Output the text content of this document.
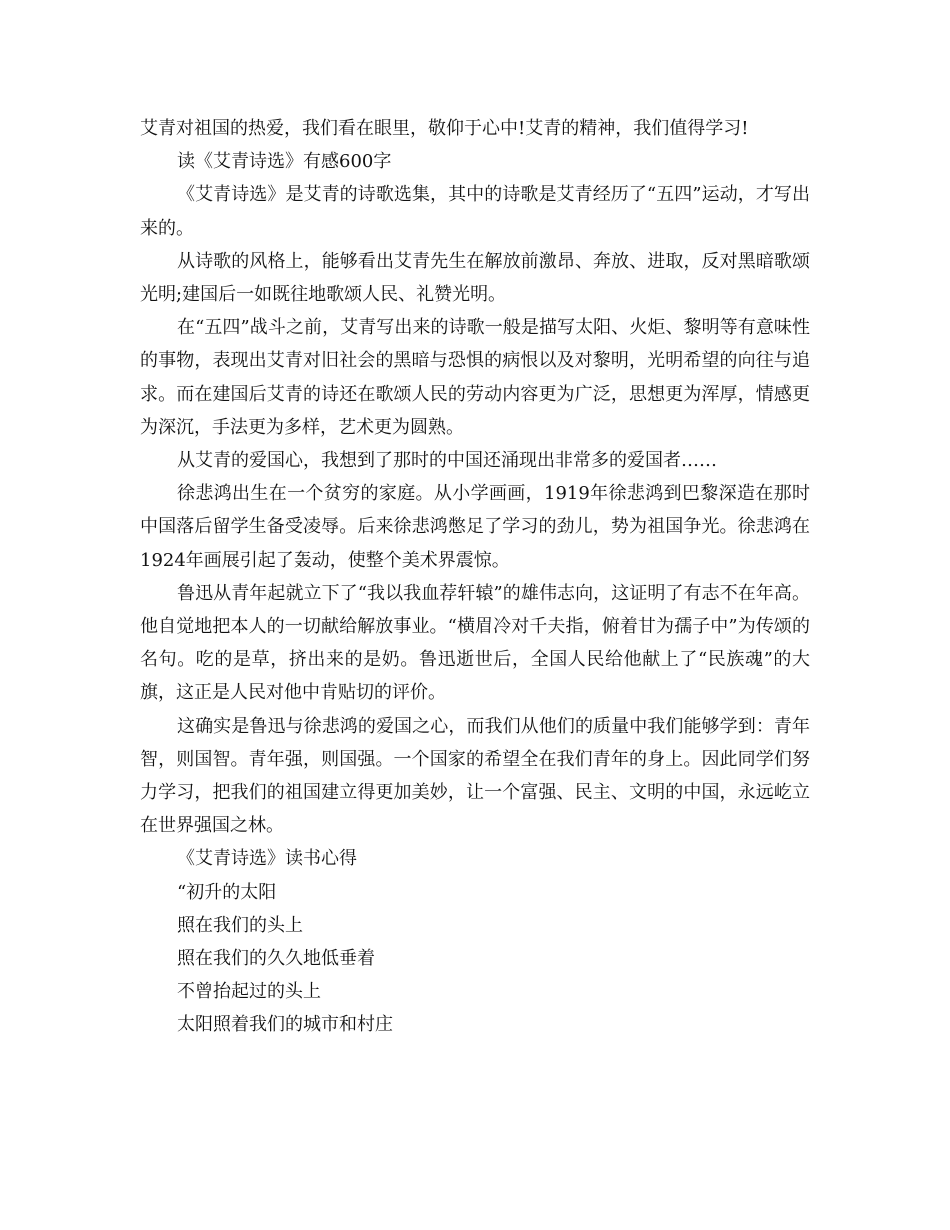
艾青对祖国的热爱，我们看在眼里，敬仰于心中!艾青的精神，我们值得学习!

读《艾青诗选》有感600字

《艾青诗选》是艾青的诗歌选集，其中的诗歌是艾青经历了“五四”运动，才写出来的。

从诗歌的风格上，能够看出艾青先生在解放前激昂、奔放、进取，反对黑暗歌颂光明;建国后一如既往地歌颂人民、礼赞光明。

在“五四”战斗之前，艾青写出来的诗歌一般是描写太阳、火炬、黎明等有意味性的事物，表现出艾青对旧社会的黑暗与恐惧的病恨以及对黎明，光明希望的向往与追求。而在建国后艾青的诗还在歌颂人民的劳动内容更为广泛，思想更为浑厚，情感更为深沉，手法更为多样，艺术更为圆熟。

从艾青的爱国心，我想到了那时的中国还涌现出非常多的爱国者……

徐悲鸿出生在一个贫穷的家庭。从小学画画，1919年徐悲鸿到巴黎深造在那时中国落后留学生备受凌辱。后来徐悲鸿憋足了学习的劲儿，势为祖国争光。徐悲鸿在1924年画展引起了轰动，使整个美术界震惊。

鲁迅从青年起就立下了“我以我血荐轩辕”的雄伟志向，这证明了有志不在年高。他自觉地把本人的一切献给解放事业。“横眉冷对千夫指，俯着甘为孺子中”为传颂的名句。吃的是草，挤出来的是奶。鲁迅逝世后，全国人民给他献上了“民族魂”的大旗，这正是人民对他中肯贴切的评价。

这确实是鲁迅与徐悲鸿的爱国之心，而我们从他们的质量中我们能够学到：青年智，则国智。青年强，则国强。一个国家的希望全在我们青年的身上。因此同学们努力学习，把我们的祖国建立得更加美妙，让一个富强、民主、文明的中国，永远屹立在世界强国之林。

《艾青诗选》读书心得

“初升的太阳

照在我们的头上

照在我们的久久地低垂着

不曾抬起过的头上

太阳照着我们的城市和村庄
